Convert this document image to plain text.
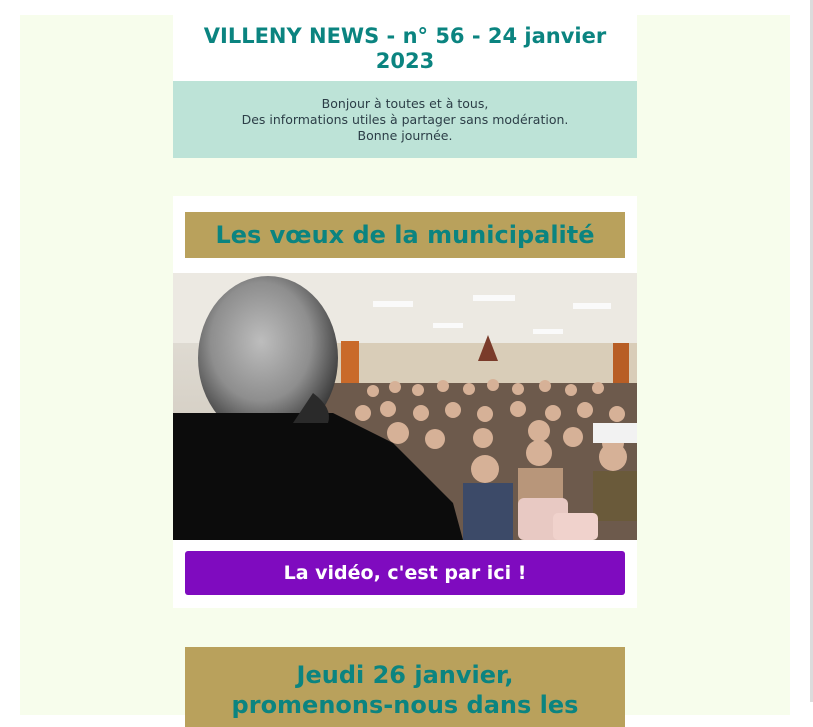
VILLENY NEWS - n° 56 - 24 janvier 2023
Bonjour à toutes et à tous,
Des informations utiles à partager sans modération.
Bonne journée.
Les vœux de la municipalité
La vidéo, c'est par ici !
Jeudi 26 janvier,
promenons-nous dans les
